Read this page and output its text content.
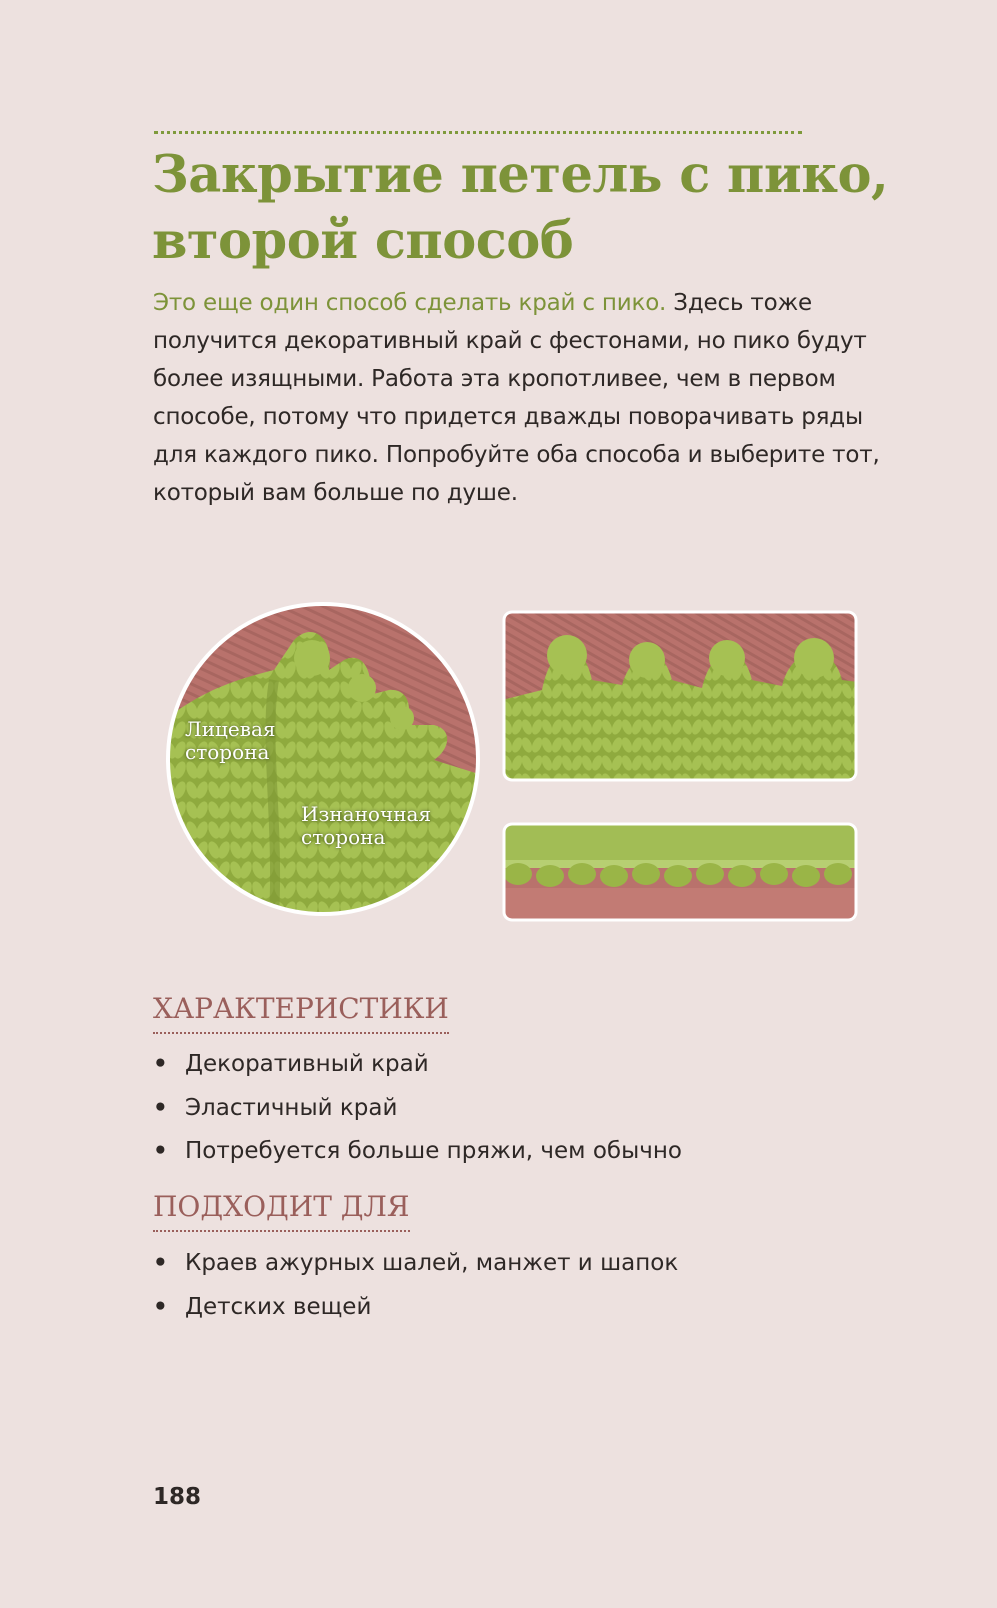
Закрытие петель с пико,
второй способ

Это еще один способ сделать край с пико. Здесь тоже получится декоративный край с фестонами, но пико будут более изящными. Работа эта кропотливее, чем в первом способе, потому что придется дважды поворачивать ряды для каждого пико. Попробуйте оба способа и выберите тот, который вам больше по душе.

Лицевая
сторона
Изнаночная
сторона
ХАРАКТЕРИСТИКИ
• Декоративный край
• Эластичный край
• Потребуется больше пряжи, чем обычно
ПОДХОДИТ ДЛЯ
• Краев ажурных шалей, манжет и шапок
• Детских вещей

188
